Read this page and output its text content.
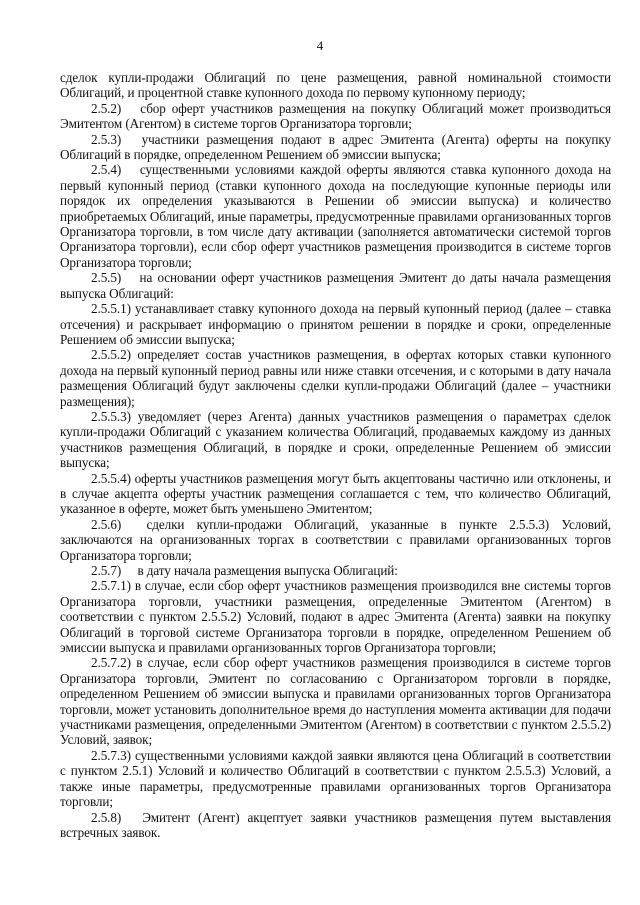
4

сделок купли-продажи Облигаций по цене размещения, равной номинальной стоимости Облигаций, и процентной ставке купонного дохода по первому купонному периоду;

2.5.2)  сбор оферт участников размещения на покупку Облигаций может производиться Эмитентом (Агентом) в системе торгов Организатора торговли;

2.5.3)  участники размещения подают в адрес Эмитента (Агента) оферты на покупку Облигаций в порядке, определенном Решением об эмиссии выпуска;

2.5.4)  существенными условиями каждой оферты являются ставка купонного дохода на первый купонный период (ставки купонного дохода на последующие купонные периоды или порядок их определения указываются в Решении об эмиссии выпуска) и количество приобретаемых Облигаций, иные параметры, предусмотренные правилами организованных торгов Организатора торговли, в том числе дату активации (заполняется автоматически системой торгов Организатора торговли), если сбор оферт участников размещения производится в системе торгов Организатора торговли;

2.5.5)  на основании оферт участников размещения Эмитент до даты начала размещения выпуска Облигаций:

2.5.5.1) устанавливает ставку купонного дохода на первый купонный период (далее – ставка отсечения) и раскрывает информацию о принятом решении в порядке и сроки, определенные Решением об эмиссии выпуска;

2.5.5.2) определяет состав участников размещения, в офертах которых ставки купонного дохода на первый купонный период равны или ниже ставки отсечения, и с которыми в дату начала размещения Облигаций будут заключены сделки купли-продажи Облигаций (далее – участники размещения);

2.5.5.3) уведомляет (через Агента) данных участников размещения о параметрах сделок купли-продажи Облигаций с указанием количества Облигаций, продаваемых каждому из данных участников размещения Облигаций, в порядке и сроки, определенные Решением об эмиссии выпуска;

2.5.5.4) оферты участников размещения могут быть акцептованы частично или отклонены, и в случае акцепта оферты участник размещения соглашается с тем, что количество Облигаций, указанное в оферте, может быть уменьшено Эмитентом;

2.5.6)  сделки купли-продажи Облигаций, указанные в пункте 2.5.5.3) Условий, заключаются на организованных торгах в соответствии с правилами организованных торгов Организатора торговли;

2.5.7)  в дату начала размещения выпуска Облигаций:

2.5.7.1) в случае, если сбор оферт участников размещения производился вне системы торгов Организатора торговли, участники размещения, определенные Эмитентом (Агентом) в соответствии с пунктом 2.5.5.2) Условий, подают в адрес Эмитента (Агента) заявки на покупку Облигаций в торговой системе Организатора торговли в порядке, определенном Решением об эмиссии выпуска и правилами организованных торгов Организатора торговли;

2.5.7.2) в случае, если сбор оферт участников размещения производился в системе торгов Организатора торговли, Эмитент по согласованию с Организатором торговли в порядке, определенном Решением об эмиссии выпуска и правилами организованных торгов Организатора торговли, может установить дополнительное время до наступления момента активации для подачи участниками размещения, определенными Эмитентом (Агентом) в соответствии с пунктом 2.5.5.2) Условий, заявок;

2.5.7.3) существенными условиями каждой заявки являются цена Облигаций в соответствии с пунктом 2.5.1) Условий и количество Облигаций в соответствии с пунктом 2.5.5.3) Условий, а также иные параметры, предусмотренные правилами организованных торгов Организатора торговли;

2.5.8)  Эмитент (Агент) акцептует заявки участников размещения путем выставления встречных заявок.
